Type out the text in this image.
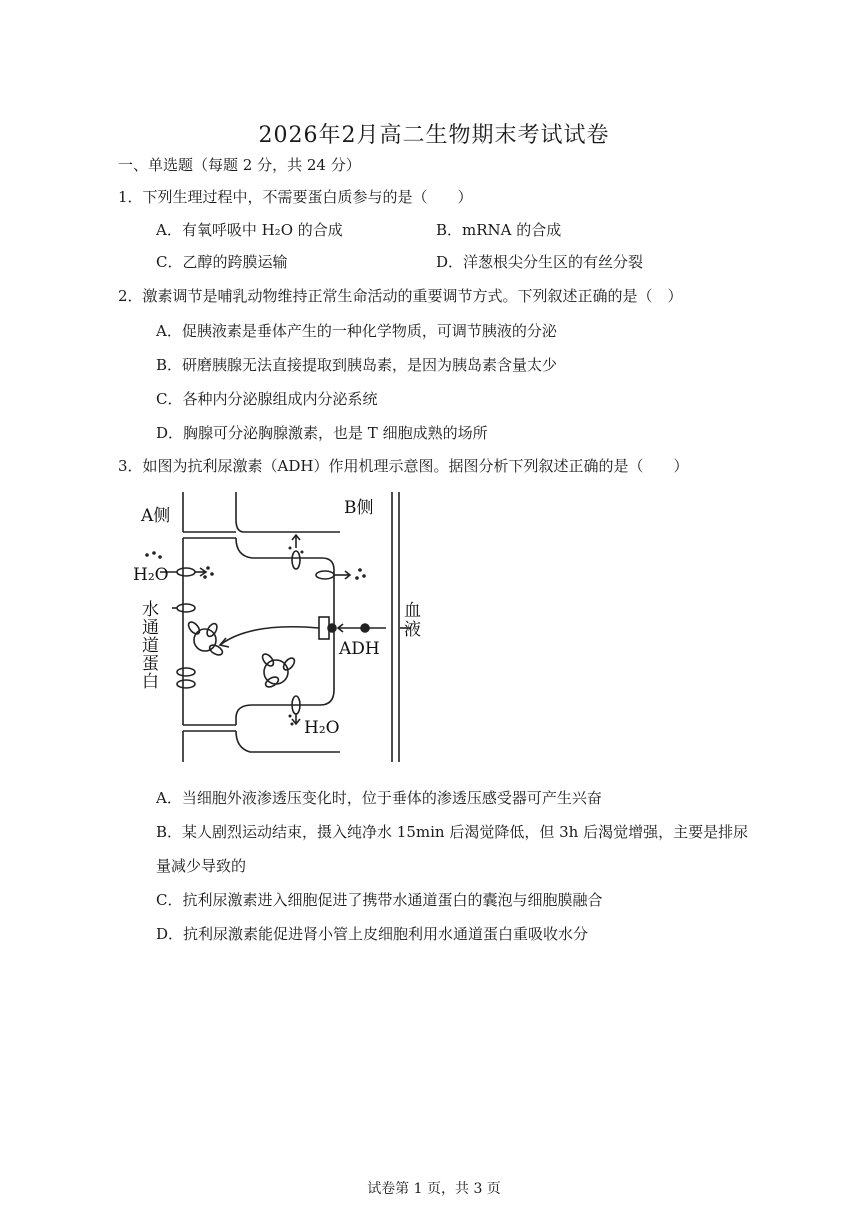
2026年2月高二生物期末考试试卷
一、单选题（每题 2 分，共 24 分）
1．下列生理过程中，不需要蛋白质参与的是（　　）
A．有氧呼吸中 H₂O 的合成	B．mRNA 的合成
C．乙醇的跨膜运输	D．洋葱根尖分生区的有丝分裂
2．激素调节是哺乳动物维持正常生命活动的重要调节方式。下列叙述正确的是（　）
A．促胰液素是垂体产生的一种化学物质，可调节胰液的分泌
B．研磨胰腺无法直接提取到胰岛素，是因为胰岛素含量太少
C．各种内分泌腺组成内分泌系统
D．胸腺可分泌胸腺激素，也是 T 细胞成熟的场所
3．如图为抗利尿激素（ADH）作用机理示意图。据图分析下列叙述正确的是（　　）
A侧	B侧
H₂O
H₂O
ADH
水通道蛋白	血液
A．当细胞外液渗透压变化时，位于垂体的渗透压感受器可产生兴奋
B．某人剧烈运动结束，摄入纯净水 15min 后渴觉降低，但 3h 后渴觉增强，主要是排尿
量减少导致的
C．抗利尿激素进入细胞促进了携带水通道蛋白的囊泡与细胞膜融合
D．抗利尿激素能促进肾小管上皮细胞利用水通道蛋白重吸收水分
试卷第 1 页，共 3 页
